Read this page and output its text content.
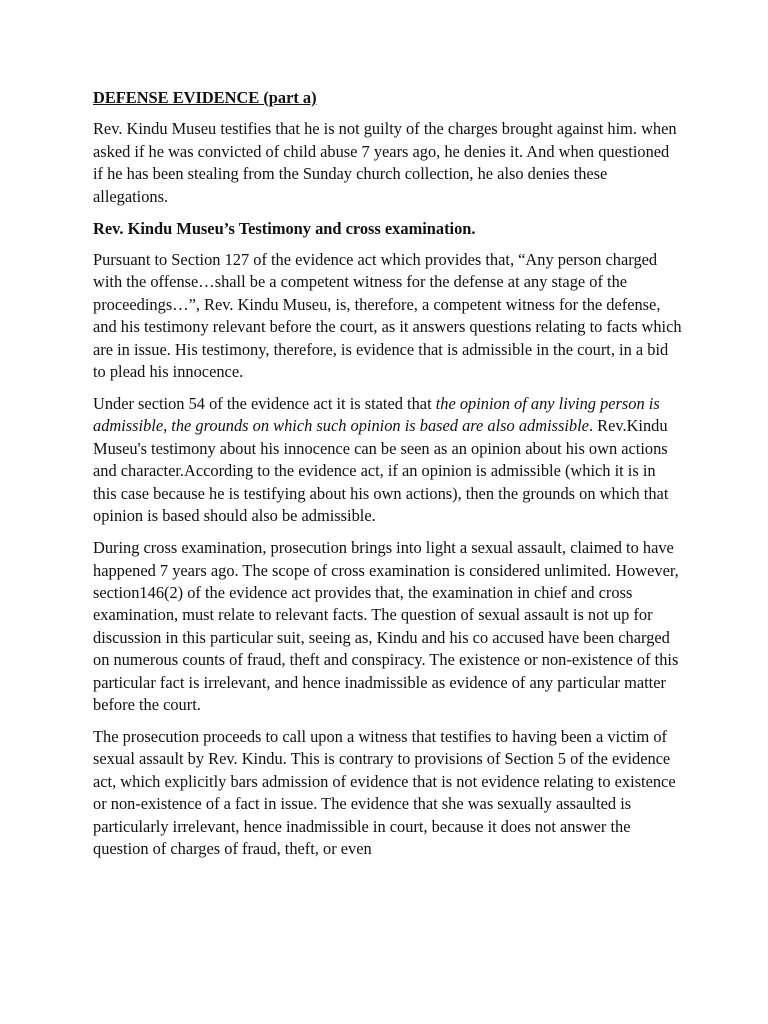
DEFENSE EVIDENCE (part a)

Rev. Kindu Museu testifies that he is not guilty of the charges brought against him. when asked if he was convicted of child abuse 7 years ago, he denies it. And when questioned if he has been stealing from the Sunday church collection, he also denies these allegations.

Rev. Kindu Museu’s Testimony and cross examination.

Pursuant to Section 127 of the evidence act which provides that, “Any person charged with the offense…shall be a competent witness for the defense at any stage of the proceedings…”, Rev. Kindu Museu, is, therefore, a competent witness for the defense, and his testimony relevant before the court, as it answers questions relating to facts which are in issue. His testimony, therefore, is evidence that is admissible in the court, in a bid to plead his innocence.

Under section 54 of the evidence act it is stated that the opinion of any living person is admissible, the grounds on which such opinion is based are also admissible. Rev.Kindu Museu's testimony about his innocence can be seen as an opinion about his own actions and character.According to the evidence act, if an opinion is admissible (which it is in this case because he is testifying about his own actions), then the grounds on which that opinion is based should also be admissible.

During cross examination, prosecution brings into light a sexual assault, claimed to have happened 7 years ago. The scope of cross examination is considered unlimited. However, section146(2) of the evidence act provides that, the examination in chief and cross examination, must relate to relevant facts. The question of sexual assault is not up for discussion in this particular suit, seeing as, Kindu and his co accused have been charged on numerous counts of fraud, theft and conspiracy. The existence or non-existence of this particular fact is irrelevant, and hence inadmissible as evidence of any particular matter before the court.

The prosecution proceeds to call upon a witness that testifies to having been a victim of sexual assault by Rev. Kindu. This is contrary to provisions of Section 5 of the evidence act, which explicitly bars admission of evidence that is not evidence relating to existence or non-existence of a fact in issue. The evidence that she was sexually assaulted is particularly irrelevant, hence inadmissible in court, because it does not answer the question of charges of fraud, theft, or even
